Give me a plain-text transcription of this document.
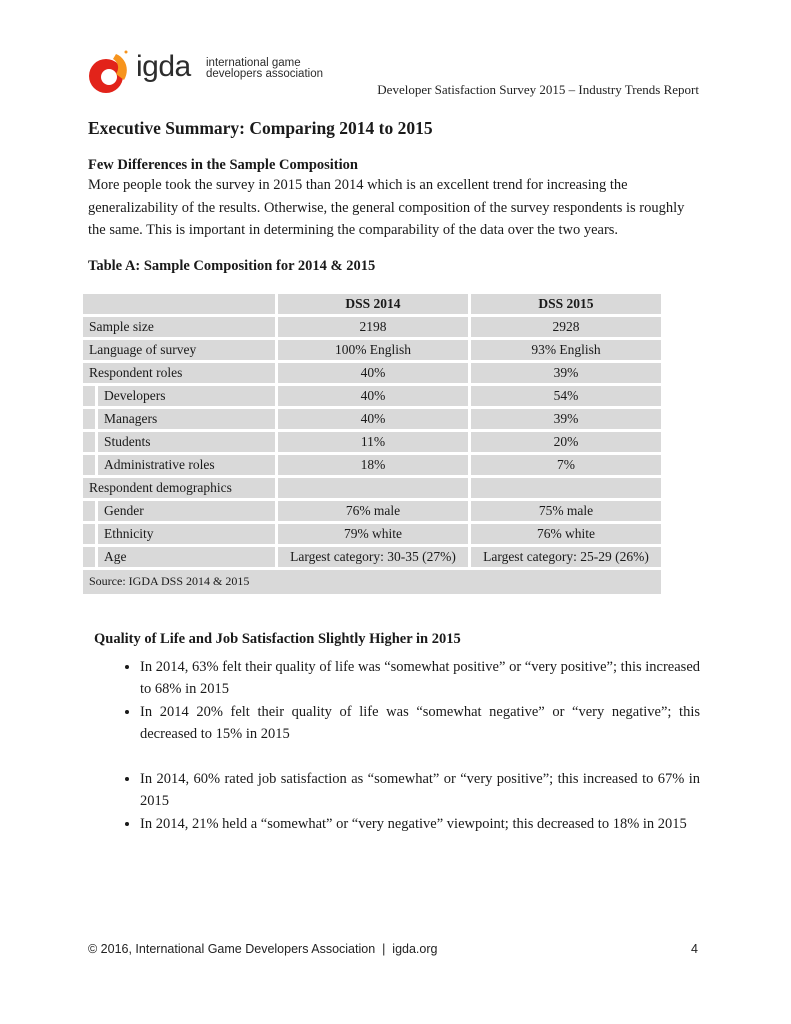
igda international game
developers association
Developer Satisfaction Survey 2015 – Industry Trends Report
Executive Summary: Comparing 2014 to 2015
Few Differences in the Sample Composition

More people took the survey in 2015 than 2014 which is an excellent trend for increasing the generalizability of the results. Otherwise, the general composition of the survey respondents is roughly the same. This is important in determining the comparability of the data over the two years.

Table A: Sample Composition for 2014 & 2015
		DSS 2014	DSS 2015
Sample size		2198	2928
Language of survey		100% English	93% English
Respondent roles		40%	39%
	Developers	40%	54%
	Managers	40%	39%
	Students	11%	20%
	Administrative roles	18%	7%
Respondent demographics			
	Gender	76% male	75% male
	Ethnicity	79% white	76% white
	Age	Largest category: 30-35 (27%)	Largest category: 25-29 (26%)
Source: IGDA DSS 2014 & 2015			
Quality of Life and Job Satisfaction Slightly Higher in 2015
• In 2014, 63% felt their quality of life was “somewhat positive” or “very positive”; this increased to 68% in 2015
• In 2014 20% felt their quality of life was “somewhat negative” or “very negative”; this decreased to 15% in 2015
• In 2014, 60% rated job satisfaction as “somewhat” or “very positive”; this increased to 67% in 2015
• In 2014, 21% held a “somewhat” or “very negative” viewpoint; this decreased to 18% in 2015
© 2016, International Game Developers Association  |  igda.org	4
